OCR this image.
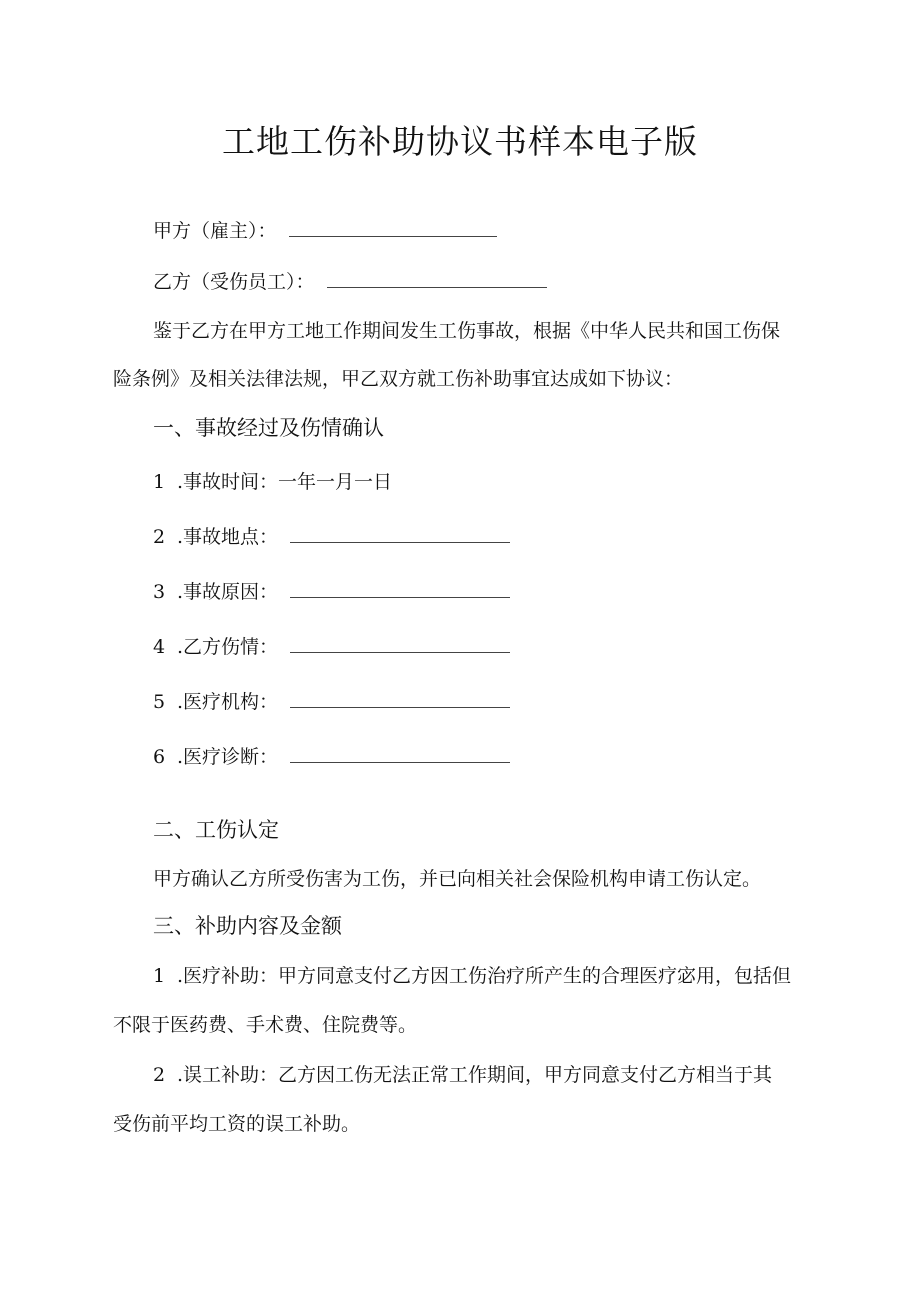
工地工伤补助协议书样本电子版
甲方（雇主）：
乙方（受伤员工）：
鉴于乙方在甲方工地工作期间发生工伤事故，根据《中华人民共和国工伤保
险条例》及相关法律法规，甲乙双方就工伤补助事宜达成如下协议：
一、事故经过及伤情确认
1 .事故时间：一年一月一日
2 .事故地点：
3 .事故原因：
4 .乙方伤情：
5 .医疗机构：
6 .医疗诊断：
二、工伤认定
甲方确认乙方所受伤害为工伤，并已向相关社会保险机构申请工伤认定。
三、补助内容及金额
1 .医疗补助：甲方同意支付乙方因工伤治疗所产生的合理医疗宓用，包括但
不限于医药费、手术费、住院费等。
2 .误工补助：乙方因工伤无法正常工作期间，甲方同意支付乙方相当于其
受伤前平均工资的误工补助。
